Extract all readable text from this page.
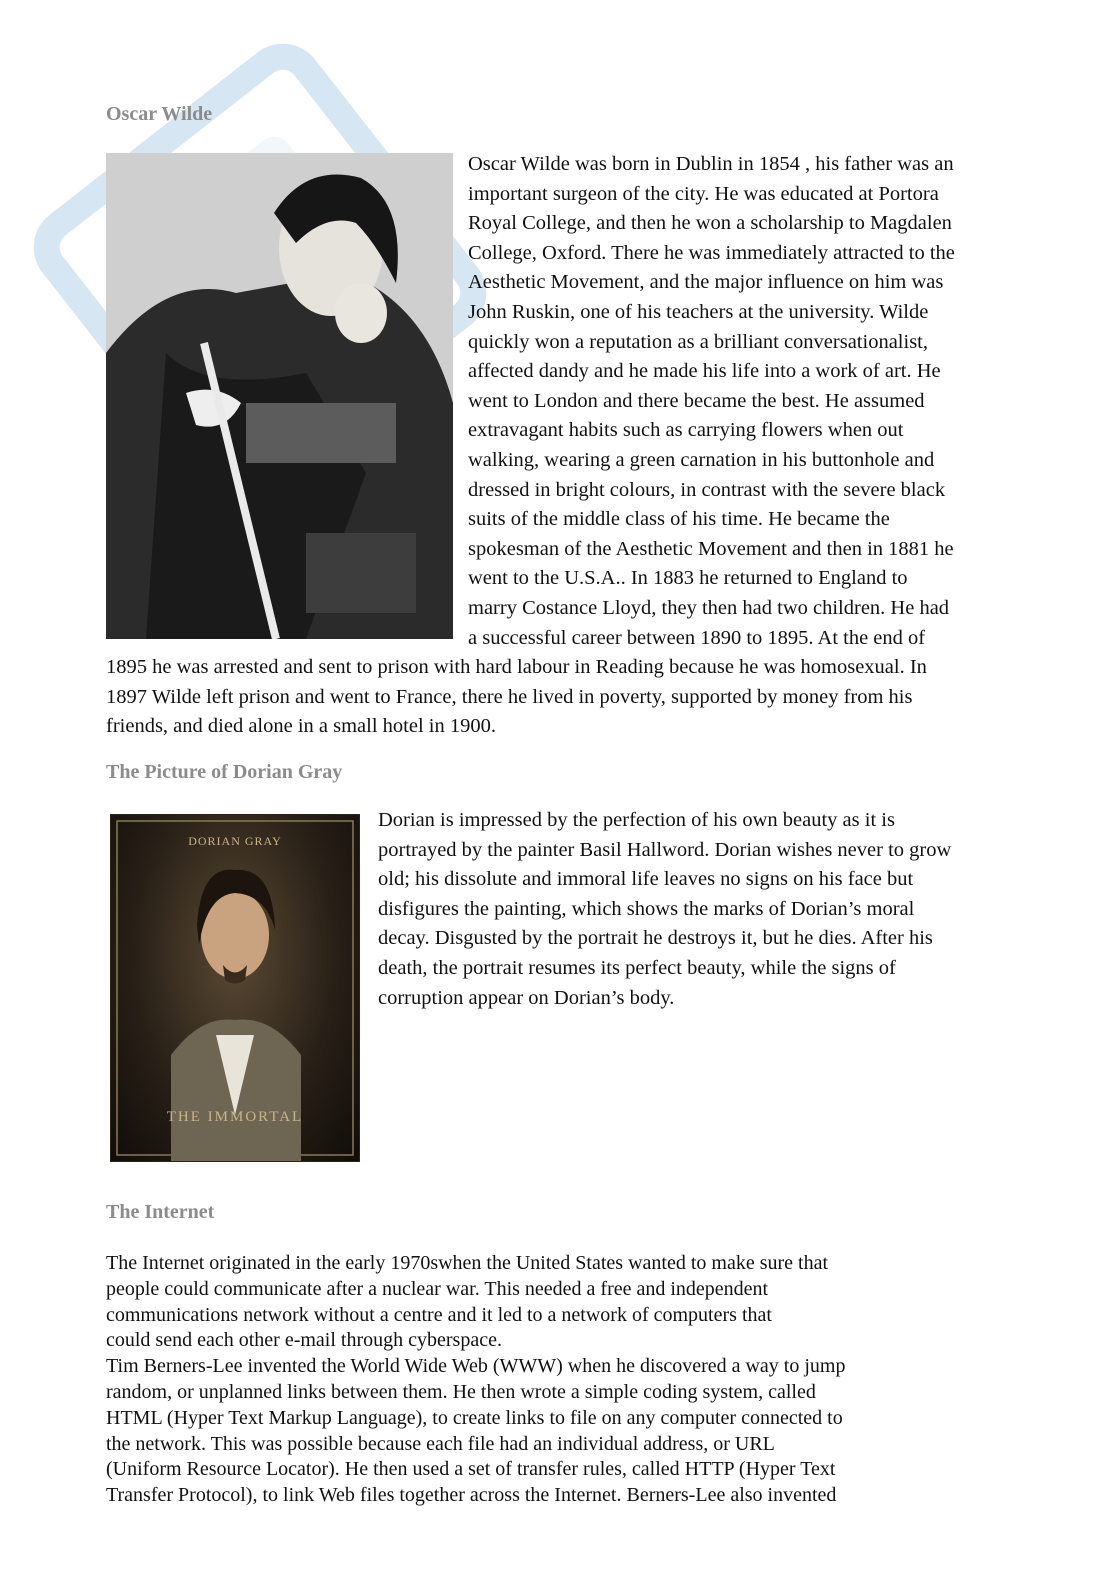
Oscar Wilde
Oscar Wilde was born in Dublin in 1854 , his father was an
important surgeon of the city. He was educated at Portora
Royal College, and then he won a scholarship to Magdalen
College, Oxford. There he was immediately attracted to the
Aesthetic Movement, and the major influence on him was
John Ruskin, one of his teachers at the university. Wilde
quickly won a reputation as a brilliant conversationalist,
affected dandy and he made his life into a work of art. He
went to London and there became the best. He assumed
extravagant habits such as carrying flowers when out
walking, wearing a green carnation in his buttonhole and
dressed in bright colours, in contrast with the severe black
suits of the middle class of his time. He became the
spokesman of the Aesthetic Movement and then in 1881 he
went to the U.S.A.. In 1883 he returned to England to
marry Costance Lloyd, they then had two children. He had
a successful career between 1890 to 1895. At the end of
1895 he was arrested and sent to prison with hard labour in Reading because he was homosexual. In
1897 Wilde left prison and went to France, there he lived in poverty, supported by money from his
friends, and died alone in a small hotel in 1900.
The Picture of Dorian Gray
DORIAN GRAY
THE IMMORTAL
Dorian is impressed by the perfection of his own beauty as it is
portrayed by the painter Basil Hallword. Dorian wishes never to grow
old; his dissolute and immoral life leaves no signs on his face but
disfigures the painting, which shows the marks of Dorian’s moral
decay. Disgusted by the portrait he destroys it, but he dies. After his
death, the portrait resumes its perfect beauty, while the signs of
corruption appear on Dorian’s body.
The Internet
The Internet originated in the early 1970swhen the United States wanted to make sure that
people could communicate after a nuclear war. This needed a free and independent
communications network without a centre and it led to a network of computers that
could send each other e-mail through cyberspace.
Tim Berners-Lee invented the World Wide Web (WWW) when he discovered a way to jump
random, or unplanned links between them. He then wrote a simple coding system, called
HTML (Hyper Text Markup Language), to create links to file on any computer connected to
the network. This was possible because each file had an individual address, or URL
(Uniform Resource Locator). He then used a set of transfer rules, called HTTP (Hyper Text
Transfer Protocol), to link Web files together across the Internet. Berners-Lee also invented
